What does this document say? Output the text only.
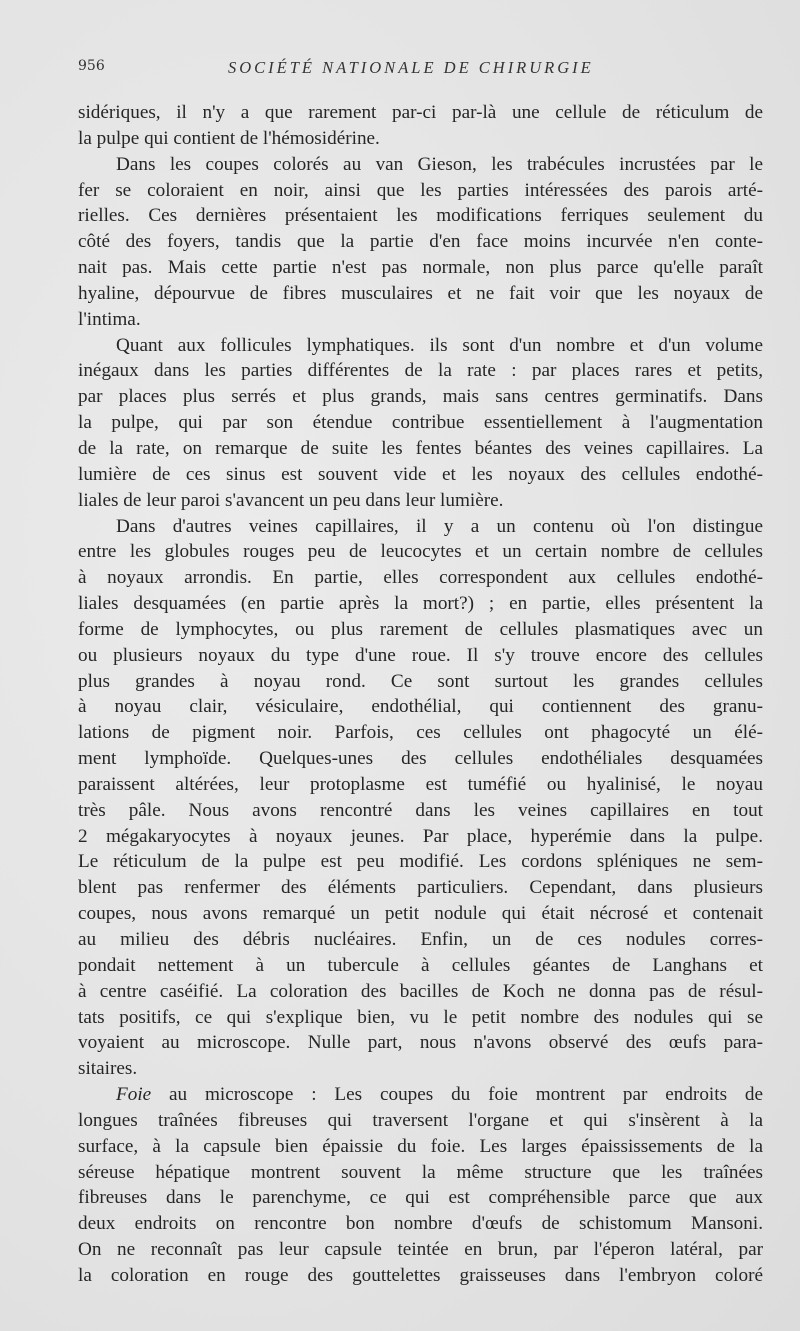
956	SOCIÉTÉ NATIONALE DE CHIRURGIE

sidériques, il n'y a que rarement par-ci par-là une cellule de réticulum de
la pulpe qui contient de l'hémosidérine.

Dans les coupes colorés au van Gieson, les trabécules incrustées par le
fer se coloraient en noir, ainsi que les parties intéressées des parois arté-
rielles. Ces dernières présentaient les modifications ferriques seulement du
côté des foyers, tandis que la partie d'en face moins incurvée n'en conte-
nait pas. Mais cette partie n'est pas normale, non plus parce qu'elle paraît
hyaline, dépourvue de fibres musculaires et ne fait voir que les noyaux de
l'intima.

Quant aux follicules lymphatiques. ils sont d'un nombre et d'un volume
inégaux dans les parties différentes de la rate : par places rares et petits,
par places plus serrés et plus grands, mais sans centres germinatifs. Dans
la pulpe, qui par son étendue contribue essentiellement à l'augmentation
de la rate, on remarque de suite les fentes béantes des veines capillaires. La
lumière de ces sinus est souvent vide et les noyaux des cellules endothé-
liales de leur paroi s'avancent un peu dans leur lumière.

Dans d'autres veines capillaires, il y a un contenu où l'on distingue
entre les globules rouges peu de leucocytes et un certain nombre de cellules
à noyaux arrondis. En partie, elles correspondent aux cellules endothé-
liales desquamées (en partie après la mort?) ; en partie, elles présentent la
forme de lymphocytes, ou plus rarement de cellules plasmatiques avec un
ou plusieurs noyaux du type d'une roue. Il s'y trouve encore des cellules
plus grandes à noyau rond. Ce sont surtout les grandes cellules
à noyau clair, vésiculaire, endothélial, qui contiennent des granu-
lations de pigment noir. Parfois, ces cellules ont phagocyté un élé-
ment lymphoïde. Quelques-unes des cellules endothéliales desquamées
paraissent altérées, leur protoplasme est tuméfié ou hyalinisé, le noyau
très pâle. Nous avons rencontré dans les veines capillaires en tout
2 mégakaryocytes à noyaux jeunes. Par place, hyperémie dans la pulpe.
Le réticulum de la pulpe est peu modifié. Les cordons spléniques ne sem-
blent pas renfermer des éléments particuliers. Cependant, dans plusieurs
coupes, nous avons remarqué un petit nodule qui était nécrosé et contenait
au milieu des débris nucléaires. Enfin, un de ces nodules corres-
pondait nettement à un tubercule à cellules géantes de Langhans et
à centre caséifié. La coloration des bacilles de Koch ne donna pas de résul-
tats positifs, ce qui s'explique bien, vu le petit nombre des nodules qui se
voyaient au microscope. Nulle part, nous n'avons observé des œufs para-
sitaires.

Foie au microscope : Les coupes du foie montrent par endroits de
longues traînées fibreuses qui traversent l'organe et qui s'insèrent à la
surface, à la capsule bien épaissie du foie. Les larges épaississements de la
séreuse hépatique montrent souvent la même structure que les traînées
fibreuses dans le parenchyme, ce qui est compréhensible parce que aux
deux endroits on rencontre bon nombre d'œufs de schistomum Mansoni.
On ne reconnaît pas leur capsule teintée en brun, par l'éperon latéral, par
la coloration en rouge des gouttelettes graisseuses dans l'embryon coloré
